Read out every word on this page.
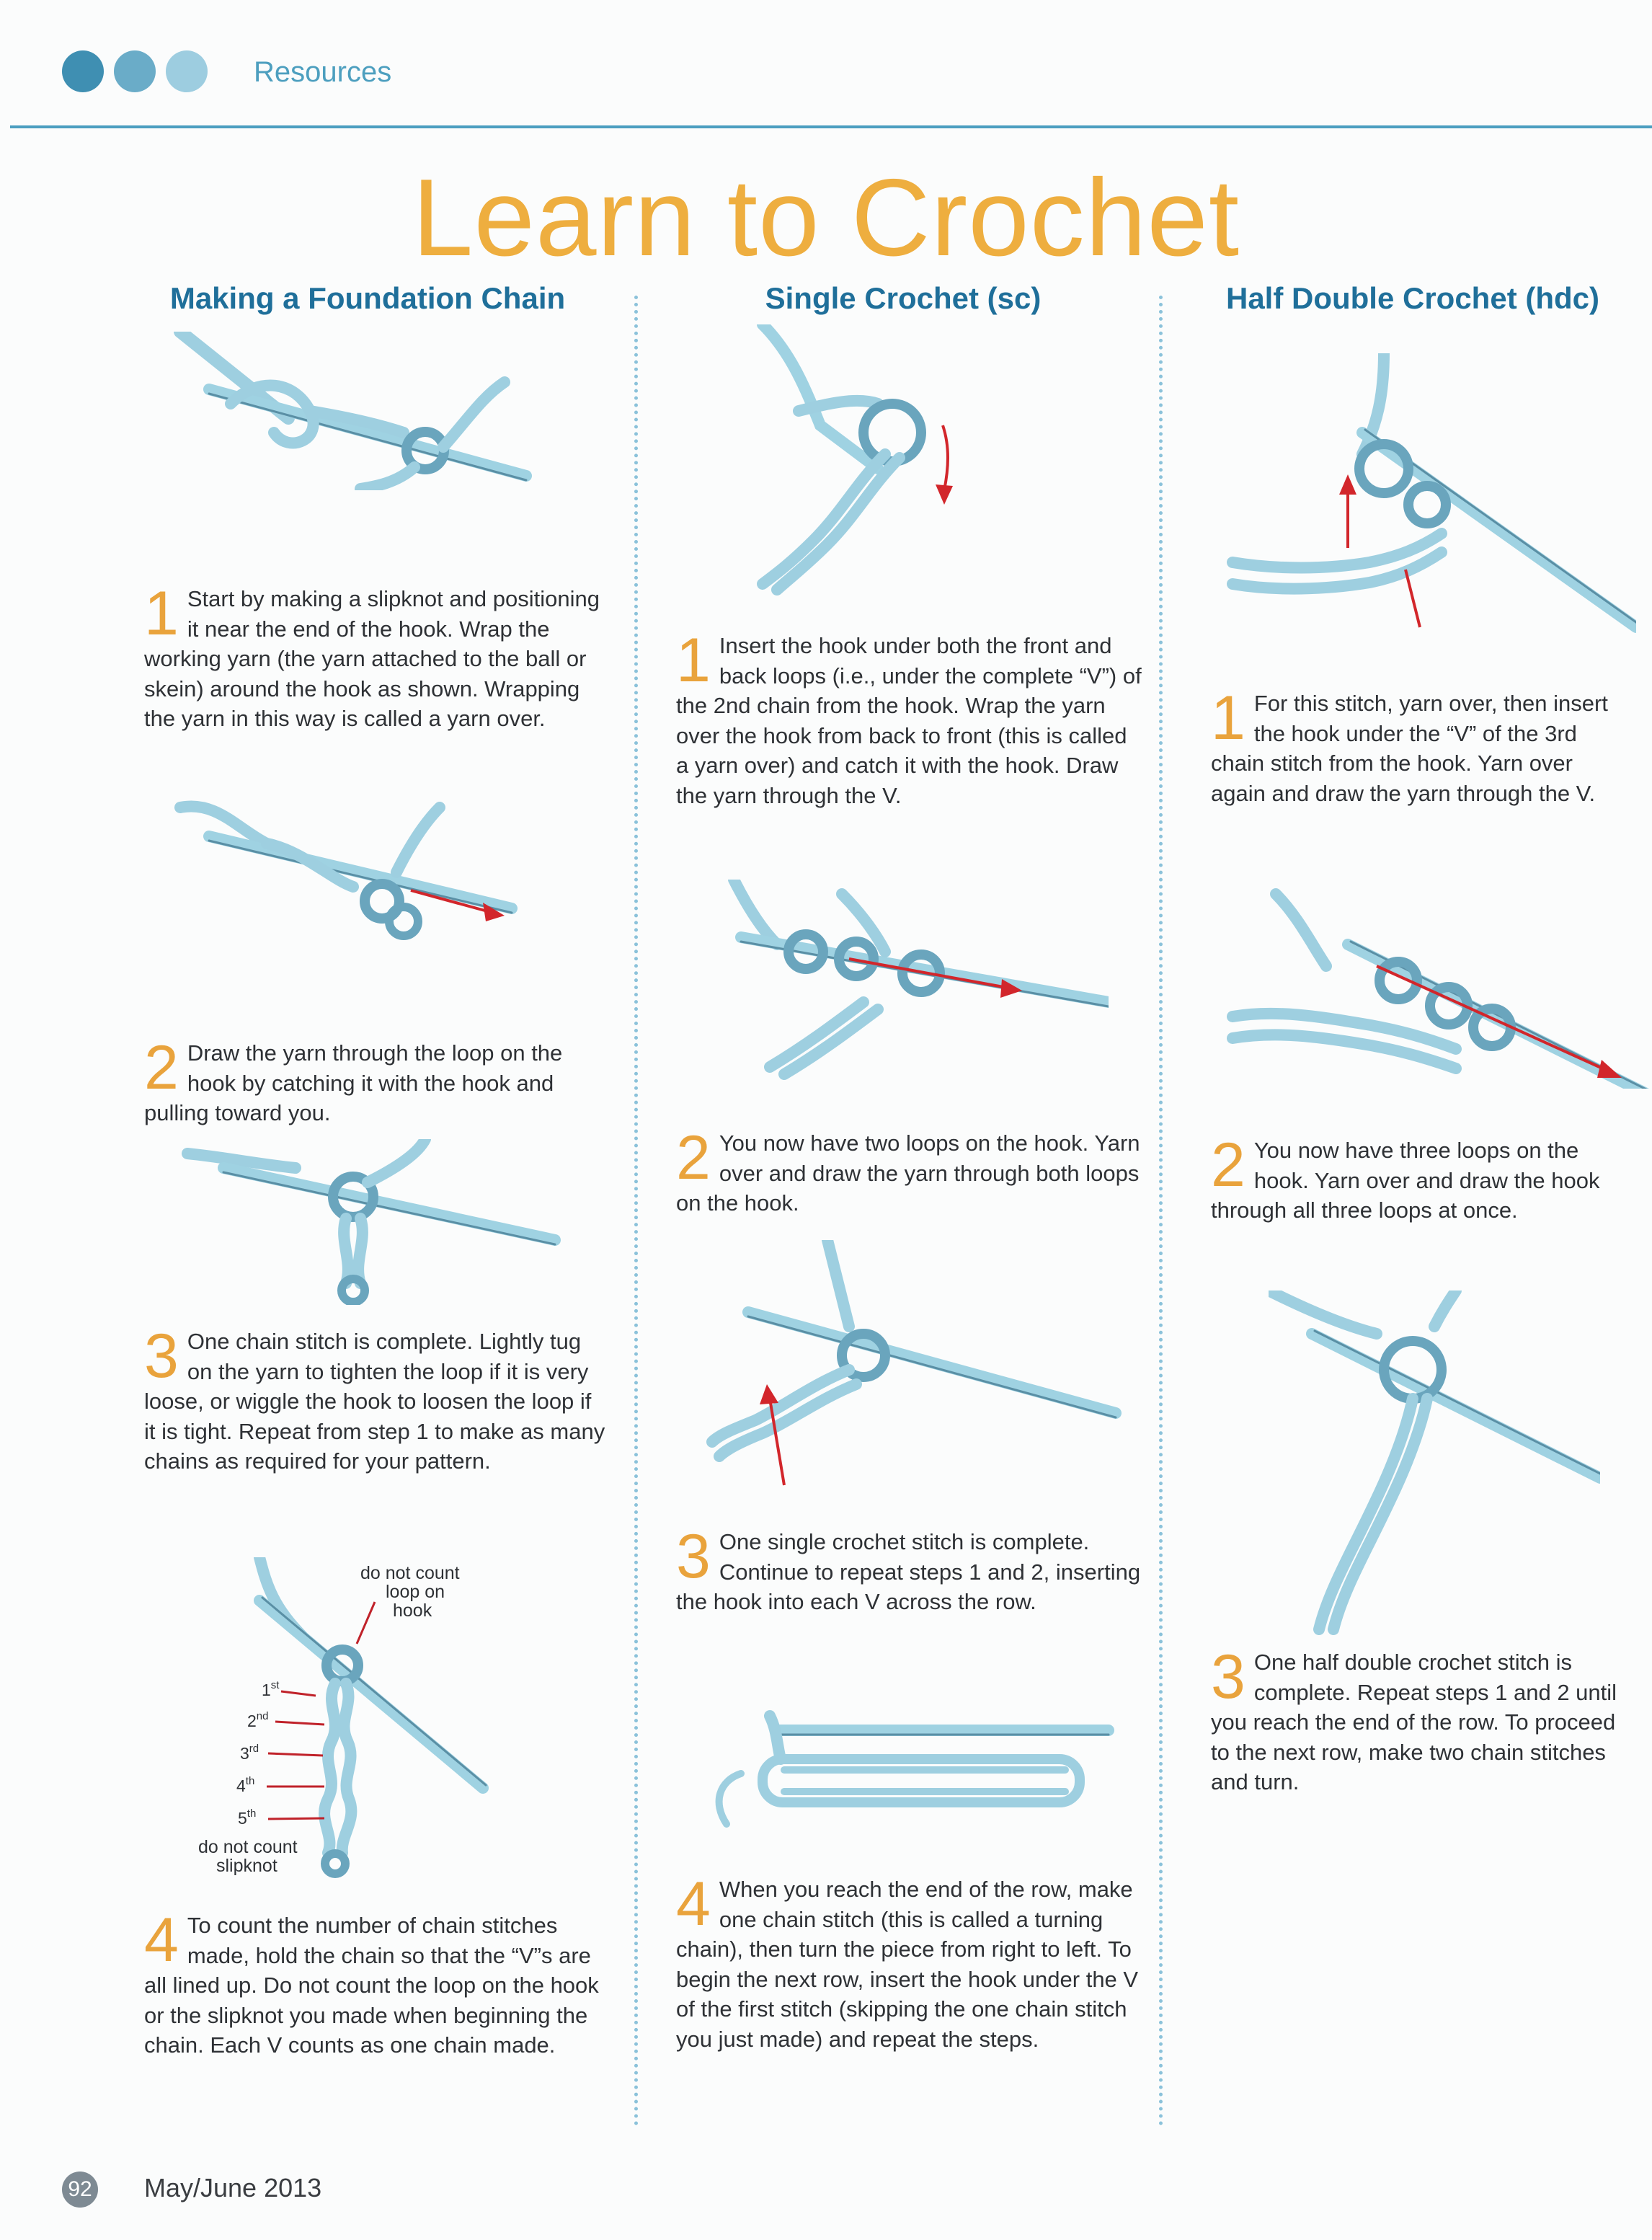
Resources
Learn to Crochet
Making a Foundation Chain
1 Start by making a slipknot and positioning it near the end of the hook. Wrap the working yarn (the yarn attached to the ball or skein) around the hook as shown. Wrapping the yarn in this way is called a yarn over.
2 Draw the yarn through the loop on the hook by catching it with the hook and pulling toward you.
3 One chain stitch is complete. Lightly tug on the yarn to tighten the loop if it is very loose, or wiggle the hook to loosen the loop if it is tight. Repeat from step 1 to make as many chains as required for your pattern.
do not count
loop on
hook
1st
2nd
3rd
4th
5th
do not count
slipknot
4 To count the number of chain stitches made, hold the chain so that the “V”s are all lined up. Do not count the loop on the hook or the slipknot you made when beginning the chain. Each V counts as one chain made.
Single Crochet (sc)
1 Insert the hook under both the front and back loops (i.e., under the complete “V”) of the 2nd chain from the hook. Wrap the yarn over the hook from back to front (this is called a yarn over) and catch it with the hook. Draw the yarn through the V.
2 You now have two loops on the hook. Yarn over and draw the yarn through both loops on the hook.
3 One single crochet stitch is complete. Continue to repeat steps 1 and 2, inserting the hook into each V across the row.
4 When you reach the end of the row, make one chain stitch (this is called a turning chain), then turn the piece from right to left. To begin the next row, insert the hook under the V of the first stitch (skipping the one chain stitch you just made) and repeat the steps.
Half Double Crochet (hdc)
1 For this stitch, yarn over, then insert the hook under the “V” of the 3rd chain stitch from the hook. Yarn over again and draw the yarn through the V.
2 You now have three loops on the hook. Yarn over and draw the hook through all three loops at once.
3 One half double crochet stitch is complete. Repeat steps 1 and 2 until you reach the end of the row. To proceed to the next row, make two chain stitches and turn.
92 May/June 2013
